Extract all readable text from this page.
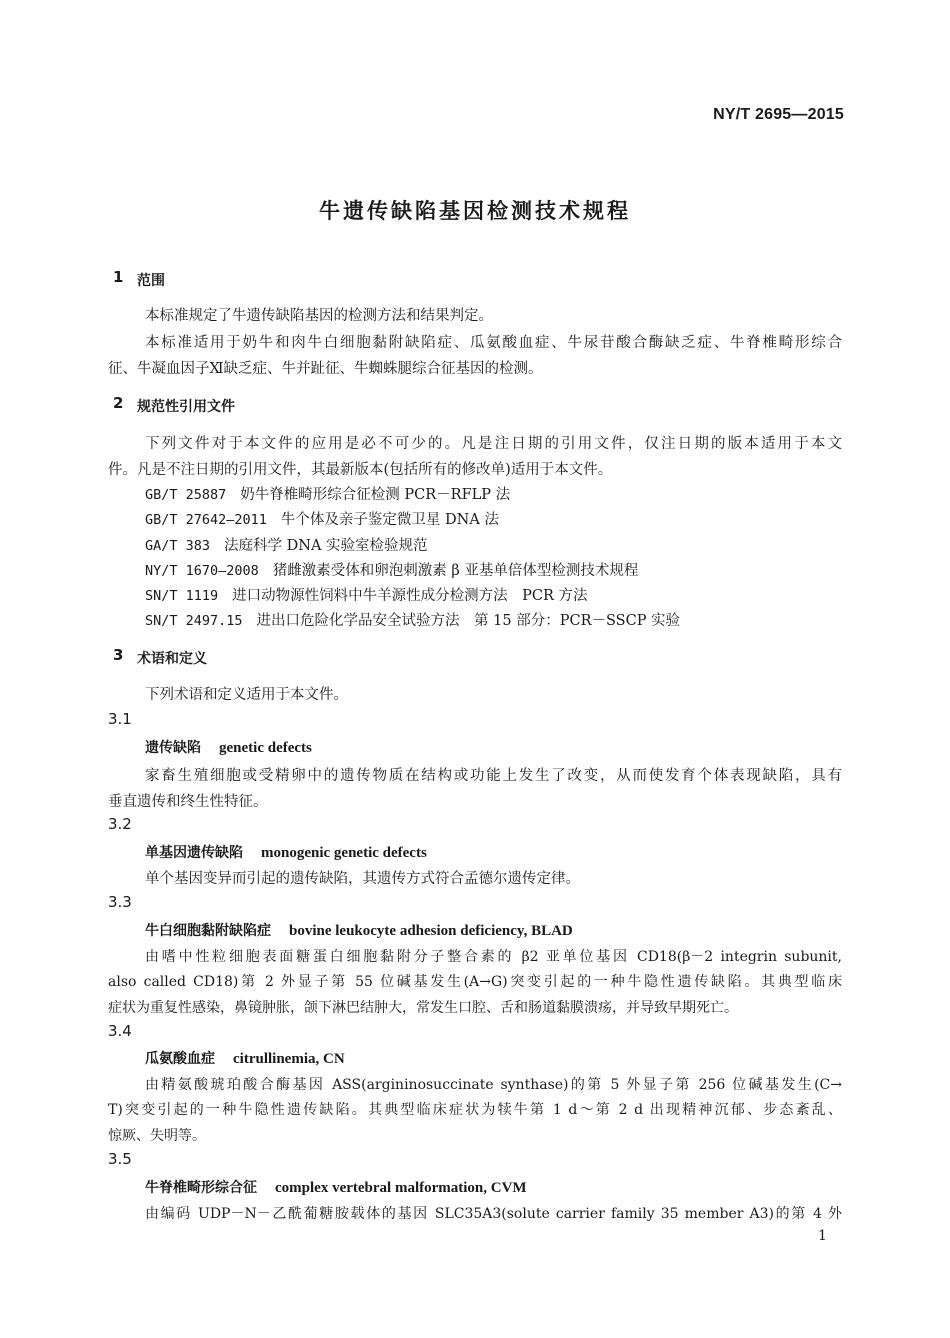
NY/T 2695—2015
牛遗传缺陷基因检测技术规程
1 范围
本标准规定了牛遗传缺陷基因的检测方法和结果判定。
本标准适用于奶牛和肉牛白细胞黏附缺陷症、瓜氨酸血症、牛尿苷酸合酶缺乏症、牛脊椎畸形综合
征、牛凝血因子Ⅺ缺乏症、牛并趾征、牛蜘蛛腿综合征基因的检测。
2 规范性引用文件
下列文件对于本文件的应用是必不可少的。凡是注日期的引用文件，仅注日期的版本适用于本文
件。凡是不注日期的引用文件，其最新版本(包括所有的修改单)适用于本文件。
GB/T 25887 奶牛脊椎畸形综合征检测 PCR－RFLP 法
GB/T 27642—2011 牛个体及亲子鉴定微卫星 DNA 法
GA/T 383 法庭科学 DNA 实验室检验规范
NY/T 1670—2008 猪雌激素受体和卵泡刺激素 β 亚基单倍体型检测技术规程
SN/T 1119 进口动物源性饲料中牛羊源性成分检测方法　PCR 方法
SN/T 2497.15 进出口危险化学品安全试验方法　第 15 部分：PCR－SSCP 实验
3 术语和定义
下列术语和定义适用于本文件。
3.1
遗传缺陷 genetic defects
家畜生殖细胞或受精卵中的遗传物质在结构或功能上发生了改变，从而使发育个体表现缺陷，具有
垂直遗传和终生性特征。
3.2
单基因遗传缺陷 monogenic genetic defects
单个基因变异而引起的遗传缺陷，其遗传方式符合孟德尔遗传定律。
3.3
牛白细胞黏附缺陷症 bovine leukocyte adhesion deficiency, BLAD
由嗜中性粒细胞表面糖蛋白细胞黏附分子整合素的 β2 亚单位基因 CD18(β－2 integrin subunit,
also called CD18)第 2 外显子第 55 位碱基发生(A→G)突变引起的一种牛隐性遗传缺陷。其典型临床
症状为重复性感染，鼻镜肿胀，颌下淋巴结肿大，常发生口腔、舌和肠道黏膜溃疡，并导致早期死亡。
3.4
瓜氨酸血症 citrullinemia, CN
由精氨酸琥珀酸合酶基因 ASS(argininosuccinate synthase)的第 5 外显子第 256 位碱基发生(C→
T)突变引起的一种牛隐性遗传缺陷。其典型临床症状为犊牛第 1 d～第 2 d 出现精神沉郁、步态紊乱、
惊厥、失明等。
3.5
牛脊椎畸形综合征 complex vertebral malformation, CVM
由编码 UDP－N－乙酰葡糖胺载体的基因 SLC35A3(solute carrier family 35 member A3)的第 4 外
1
